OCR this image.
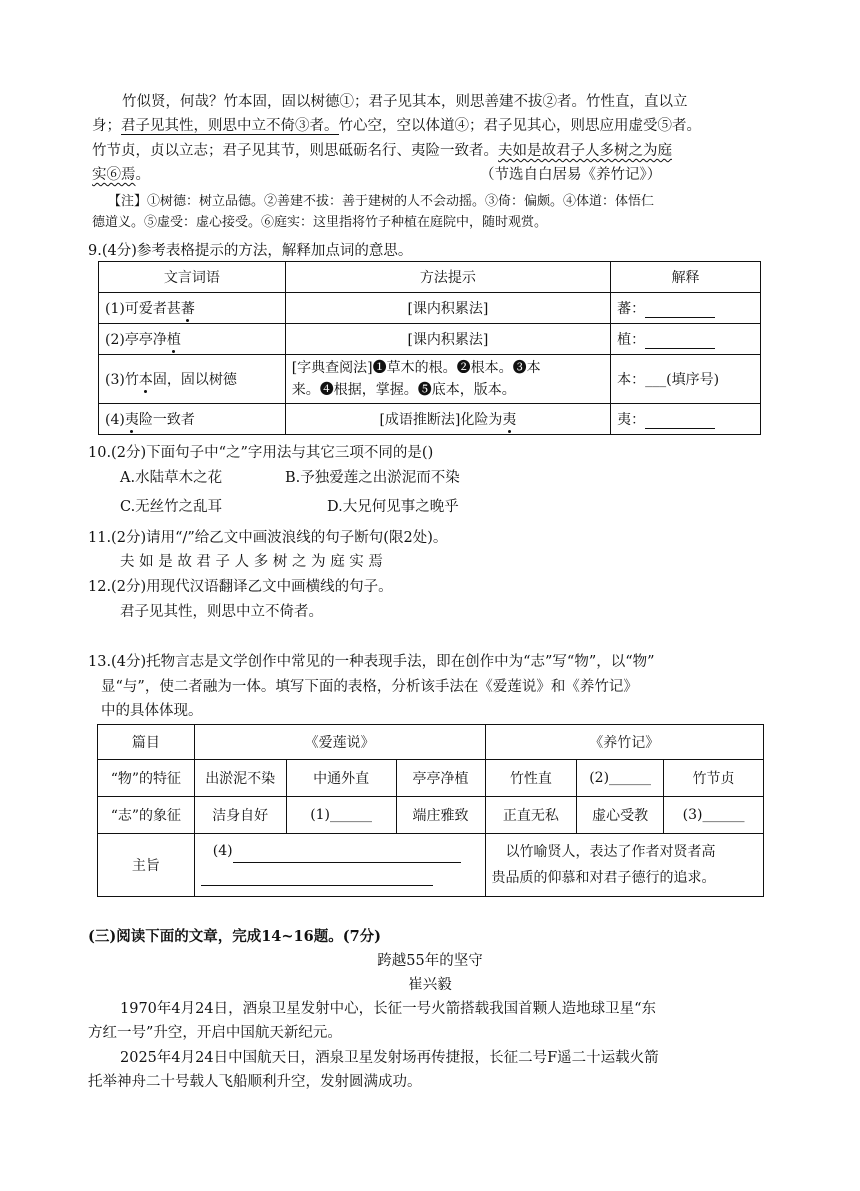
竹似贤，何哉？竹本固，固以树德①；君子见其本，则思善建不拔②者。竹性直，直以立
身；君子见其性，则思中立不倚③者。竹心空，空以体道④；君子见其心，则思应用虚受⑤者。
竹节贞，贞以立志；君子见其节，则思砥砺名行、夷险一致者。夫如是故君子人多树之为庭
实⑥焉。	（节选自白居易《养竹记》）
【注】①树德：树立品德。②善建不拔：善于建树的人不会动摇。③倚：偏颇。④体道：体悟仁
德道义。⑤虚受：虚心接受。⑥庭实：这里指将竹子种植在庭院中，随时观赏。
9.(4分)参考表格提示的方法，解释加点词的意思。
文言词语	方法提示	解释
(1)可爱者甚蕃	[课内积累法]	蕃：
(2)亭亭净植	[课内积累法]	植：
(3)竹本固，固以树德	[字典查阅法]❶草木的根。❷根本。❸本
来。❹根据，掌握。❺底本，版本。	本：___(填序号)
(4)夷险一致者	[成语推断法]化险为夷	夷：
10.(2分)下面句子中“之”字用法与其它三项不同的是()
A.水陆草木之花	B.予独爱莲之出淤泥而不染
C.无丝竹之乱耳	D.大兄何见事之晚乎
11.(2分)请用“/”给乙文中画波浪线的句子断句(限2处)。
夫 如 是 故 君 子 人 多 树 之 为 庭 实 焉
12.(2分)用现代汉语翻译乙文中画横线的句子。
君子见其性，则思中立不倚者。
13.(4分)托物言志是文学创作中常见的一种表现手法，即在创作中为“志”写“物”，以“物”
显“与”，使二者融为一体。填写下面的表格，分析该手法在《爱莲说》和《养竹记》
中的具体体现。
篇目	《爱莲说》			《养竹记》		
“物”的特征	出淤泥不染	中通外直	亭亭净植	竹性直	(2)______	竹节贞
“志”的象征	洁身自好	(1)______	端庄雅致	正直无私	虚心受教	(3)______
主旨	(4)			以竹喻贤人，表达了作者对贤者高
贵品质的仰慕和对君子德行的追求。		
(三)阅读下面的文章，完成14~16题。(7分)
跨越55年的坚守
崔兴毅
1970年4月24日，酒泉卫星发射中心，长征一号火箭搭载我国首颗人造地球卫星“东
方红一号”升空，开启中国航天新纪元。
2025年4月24日中国航天日，酒泉卫星发射场再传捷报，长征二号F遥二十运载火箭
托举神舟二十号载人飞船顺利升空，发射圆满成功。
